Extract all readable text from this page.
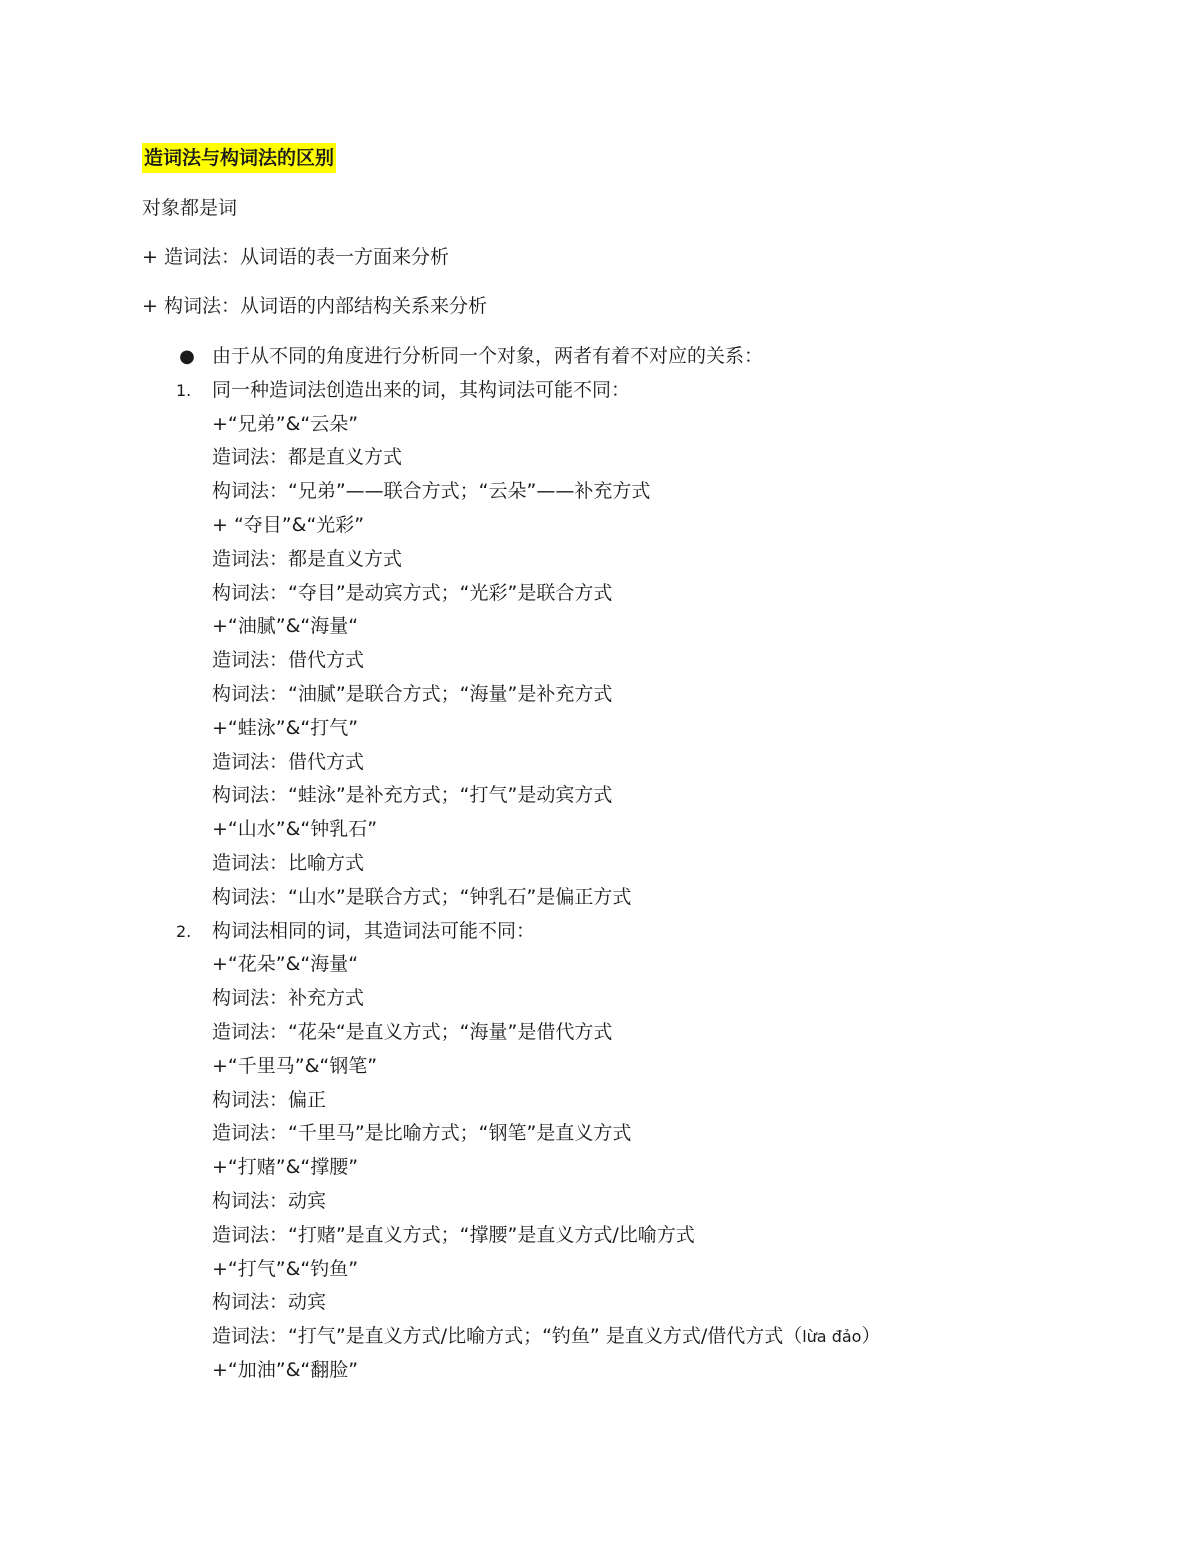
造词法与构词法的区别
对象都是词
+ 造词法：从词语的表一方面来分析
+ 构词法：从词语的内部结构关系来分析
● 由于从不同的角度进行分析同一个对象，两者有着不对应的关系：
1.	同一种造词法创造出来的词，其构词法可能不同：
+“兄弟”&“云朵”
造词法：都是直义方式
构词法：“兄弟”——联合方式；“云朵”——补充方式
+ “夺目”&“光彩”
造词法：都是直义方式
构词法：“夺目”是动宾方式；“光彩”是联合方式
+“油腻”&“海量“
造词法：借代方式
构词法：“油腻”是联合方式；“海量”是补充方式
+“蛙泳”&“打气”
造词法：借代方式
构词法：“蛙泳”是补充方式；“打气”是动宾方式
+“山水”&“钟乳石”
造词法：比喻方式
构词法：“山水”是联合方式；“钟乳石”是偏正方式
2.	构词法相同的词，其造词法可能不同：
+“花朵”&“海量“
构词法：补充方式
造词法：“花朵“是直义方式；“海量”是借代方式
+“千里马”&“钢笔”
构词法：偏正
造词法：“千里马”是比喻方式；“钢笔”是直义方式
+“打赌”&“撑腰”
构词法：动宾
造词法：“打赌”是直义方式；“撑腰”是直义方式/比喻方式
+“打气”&“钓鱼”
构词法：动宾
造词法：“打气”是直义方式/比喻方式；“钓鱼” 是直义方式/借代方式（lừa đảo）
+“加油”&“翻脸”
